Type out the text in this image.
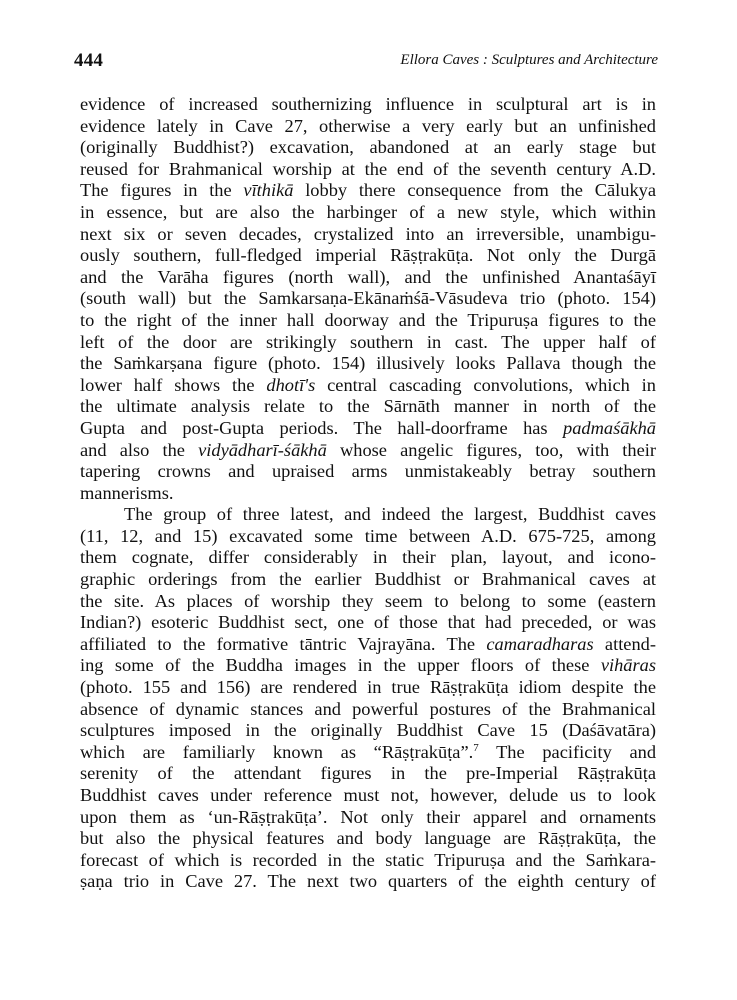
444	Ellora Caves : Sculptures and Architecture
evidence of increased southernizing influence in sculptural art is in
evidence lately in Cave 27, otherwise a very early but an unfinished
(originally Buddhist?) excavation, abandoned at an early stage but
reused for Brahmanical worship at the end of the seventh century A.D.
The figures in the vīthikā lobby there consequence from the Cālukya
in essence, but are also the harbinger of a new style, which within
next six or seven decades, crystalized into an irreversible, unambigu-
ously southern, full-fledged imperial Rāṣṭrakūṭa. Not only the Durgā
and the Varāha figures (north wall), and the unfinished Anantaśāyī
(south wall) but the Samkarsaṇa-Ekānaṁśā-Vāsudeva trio (photo. 154)
to the right of the inner hall doorway and the Tripuruṣa figures to the
left of the door are strikingly southern in cast. The upper half of
the Saṁkarṣana figure (photo. 154) illusively looks Pallava though the
lower half shows the dhotī's central cascading convolutions, which in
the ultimate analysis relate to the Sārnāth manner in north of the
Gupta and post-Gupta periods. The hall-doorframe has padmaśākhā
and also the vidyādharī-śākhā whose angelic figures, too, with their
tapering crowns and upraised arms unmistakeably betray southern
mannerisms.
The group of three latest, and indeed the largest, Buddhist caves
(11, 12, and 15) excavated some time between A.D. 675-725, among
them cognate, differ considerably in their plan, layout, and icono-
graphic orderings from the earlier Buddhist or Brahmanical caves at
the site. As places of worship they seem to belong to some (eastern
Indian?) esoteric Buddhist sect, one of those that had preceded, or was
affiliated to the formative tāntric Vajrayāna. The camaradharas attend-
ing some of the Buddha images in the upper floors of these vihāras
(photo. 155 and 156) are rendered in true Rāṣṭrakūṭa idiom despite the
absence of dynamic stances and powerful postures of the Brahmanical
sculptures imposed in the originally Buddhist Cave 15 (Daśāvatāra)
which are familiarly known as “Rāṣṭrakūṭa”.$^7$ The pacificity and
serenity of the attendant figures in the pre-Imperial Rāṣṭrakūṭa
Buddhist caves under reference must not, however, delude us to look
upon them as ‘un-Rāṣṭrakūṭa’. Not only their apparel and ornaments
but also the physical features and body language are Rāṣṭrakūṭa, the
forecast of which is recorded in the static Tripuruṣa and the Saṁkara-
ṣaṇa trio in Cave 27. The next two quarters of the eighth century of
